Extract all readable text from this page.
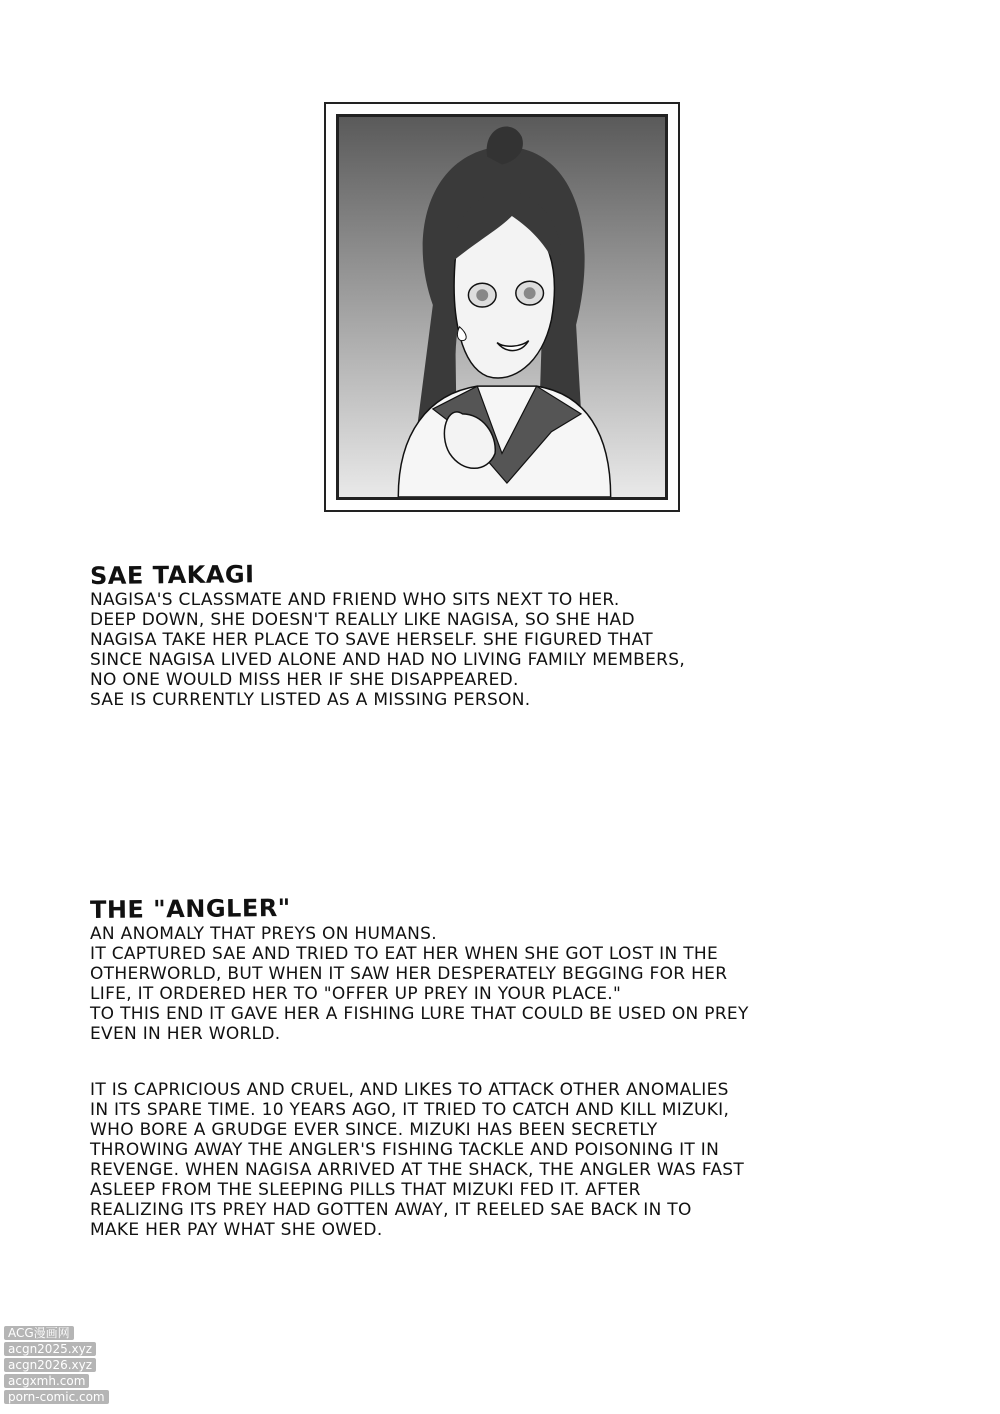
SAE TAKAGI
NAGISA'S CLASSMATE AND FRIEND WHO SITS NEXT TO HER.
DEEP DOWN, SHE DOESN'T REALLY LIKE NAGISA, SO SHE HAD
NAGISA TAKE HER PLACE TO SAVE HERSELF. SHE FIGURED THAT
SINCE NAGISA LIVED ALONE AND HAD NO LIVING FAMILY MEMBERS,
NO ONE WOULD MISS HER IF SHE DISAPPEARED.
SAE IS CURRENTLY LISTED AS A MISSING PERSON.
THE "ANGLER"
AN ANOMALY THAT PREYS ON HUMANS.
IT CAPTURED SAE AND TRIED TO EAT HER WHEN SHE GOT LOST IN THE
OTHERWORLD, BUT WHEN IT SAW HER DESPERATELY BEGGING FOR HER
LIFE, IT ORDERED HER TO "OFFER UP PREY IN YOUR PLACE."
TO THIS END IT GAVE HER A FISHING LURE THAT COULD BE USED ON PREY
EVEN IN HER WORLD.
IT IS CAPRICIOUS AND CRUEL, AND LIKES TO ATTACK OTHER ANOMALIES
IN ITS SPARE TIME. 10 YEARS AGO, IT TRIED TO CATCH AND KILL MIZUKI,
WHO BORE A GRUDGE EVER SINCE. MIZUKI HAS BEEN SECRETLY
THROWING AWAY THE ANGLER'S FISHING TACKLE AND POISONING IT IN
REVENGE. WHEN NAGISA ARRIVED AT THE SHACK, THE ANGLER WAS FAST
ASLEEP FROM THE SLEEPING PILLS THAT MIZUKI FED IT. AFTER
REALIZING ITS PREY HAD GOTTEN AWAY, IT REELED SAE BACK IN TO
MAKE HER PAY WHAT SHE OWED.
ACG漫画网
acgn2025.xyz
acgn2026.xyz
acgxmh.com
porn-comic.com
